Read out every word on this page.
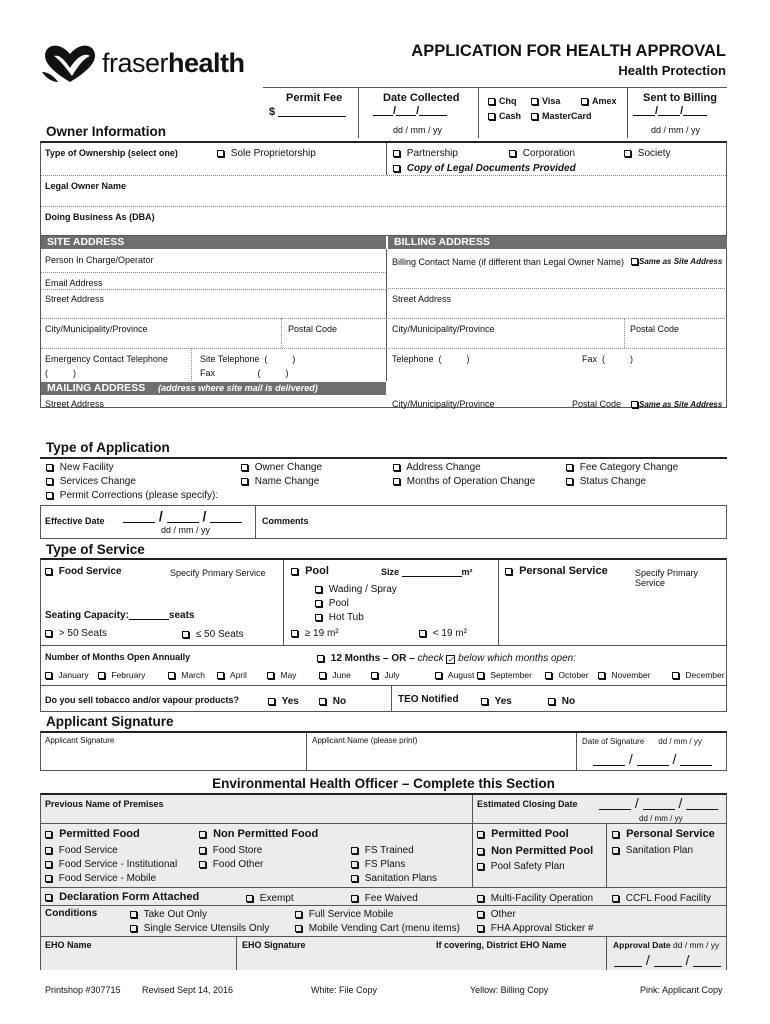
fraserhealth	APPLICATION FOR HEALTH APPROVAL
Health Protection
Permit Fee
$
Date Collected
/ /
dd / mm / yy
Chq	Visa	Amex
Cash	MasterCard
Sent to Billing
/ /
dd / mm / yy
Owner Information
Type of Ownership (select one)	Sole Proprietorship	Partnership	Corporation	Society
Copy of Legal Documents Provided
Legal Owner Name
Doing Business As (DBA)
SITE ADDRESS	BILLING ADDRESS
Person In Charge/Operator	Billing Contact Name (if different than Legal Owner Name)	Same as Site Address
Email Address
Street Address	Street Address
City/Municipality/Province	Postal Code	City/Municipality/Province	Postal Code
Emergency Contact Telephone
(          )
Site Telephone  (          )
Fax                 (          )
Telephone  (          )	Fax  (          )
MAILING ADDRESS (address where site mail is delivered)
Street Address	City/Municipality/Province	Postal Code	Same as Site Address
Type of Application
New Facility
Services Change
Permit Corrections (please specify):
Owner Change
Name Change
Address Change
Months of Operation Change
Fee Category Change
Status Change
Effective Date	/  /
dd / mm / yy
Comments
Type of Service
Food Service	Specify Primary Service	Pool	Size	m²	Personal Service	Specify Primary Service
Wading / Spray
Pool
Hot Tub
Seating Capacity:	seats
> 50 Seats	≤ 50 Seats	≥ 19 m²	< 19 m²
Number of Months Open Annually	12 Months – OR – check ✓ below which months open:
January	February	March	April	May	June	July	August	September	October	November	December
Do you sell tobacco and/or vapour products?	Yes	No	TEO Notified	Yes	No
Applicant Signature
Applicant Signature	Applicant Name (please print)	Date of Signature dd / mm / yy
/  /
Environmental Health Officer – Complete this Section
Previous Name of Premises	Estimated Closing Date	/  /
dd / mm / yy
Permitted Food	Non Permitted Food
Food Service
Food Service - Institutional
Food Service - Mobile
Food Store
Food Other
FS Trained
FS Plans
Sanitation Plans
Permitted Pool
Non Permitted Pool
Pool Safety Plan
Personal Service
Sanitation Plan
Declaration Form Attached	Exempt	Fee Waived	Multi-Facility Operation	CCFL Food Facility
Conditions	Take Out Only
Single Service Utensils Only
Full Service Mobile
Mobile Vending Cart (menu items)
Other
FHA Approval Sticker #
EHO Name	EHO Signature	If covering, District EHO Name	Approval Date dd / mm / yy
/  /
Printshop #307715 Revised Sept 14, 2016	White: File Copy	Yellow: Billing Copy	Pink: Applicant Copy
